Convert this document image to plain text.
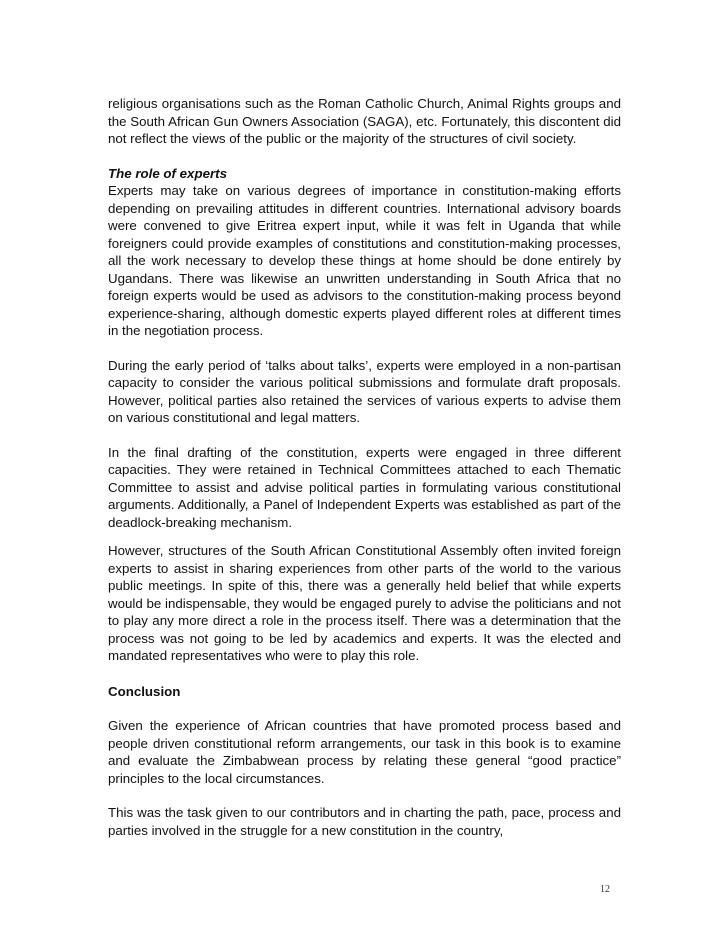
religious organisations such as the Roman Catholic Church, Animal Rights groups and the South African Gun Owners Association (SAGA), etc. Fortunately, this discontent did not reflect the views of the public or the majority of the structures of civil society.

The role of experts

Experts may take on various degrees of importance in constitution-making efforts depending on prevailing attitudes in different countries. International advisory boards were convened to give Eritrea expert input, while it was felt in Uganda that while foreigners could provide examples of constitutions and constitution-making processes, all the work necessary to develop these things at home should be done entirely by Ugandans. There was likewise an unwritten understanding in South Africa that no foreign experts would be used as advisors to the constitution-making process beyond experience-sharing, although domestic experts played different roles at different times in the negotiation process.

During the early period of ‘talks about talks’, experts were employed in a non-partisan capacity to consider the various political submissions and formulate draft proposals. However, political parties also retained the services of various experts to advise them on various constitutional and legal matters.

In the final drafting of the constitution, experts were engaged in three different capacities. They were retained in Technical Committees attached to each Thematic Committee to assist and advise political parties in formulating various constitutional arguments. Additionally, a Panel of Independent Experts was established as part of the deadlock-breaking mechanism.

However, structures of the South African Constitutional Assembly often invited foreign experts to assist in sharing experiences from other parts of the world to the various public meetings. In spite of this, there was a generally held belief that while experts would be indispensable, they would be engaged purely to advise the politicians and not to play any more direct a role in the process itself. There was a determination that the process was not going to be led by academics and experts. It was the elected and mandated representatives who were to play this role.

Conclusion

Given the experience of African countries that have promoted process based and people driven constitutional reform arrangements, our task in this book is to examine and evaluate the Zimbabwean process by relating these general “good practice” principles to the local circumstances.

This was the task given to our contributors and in charting the path, pace, process and parties involved in the struggle for a new constitution in the country,

12
